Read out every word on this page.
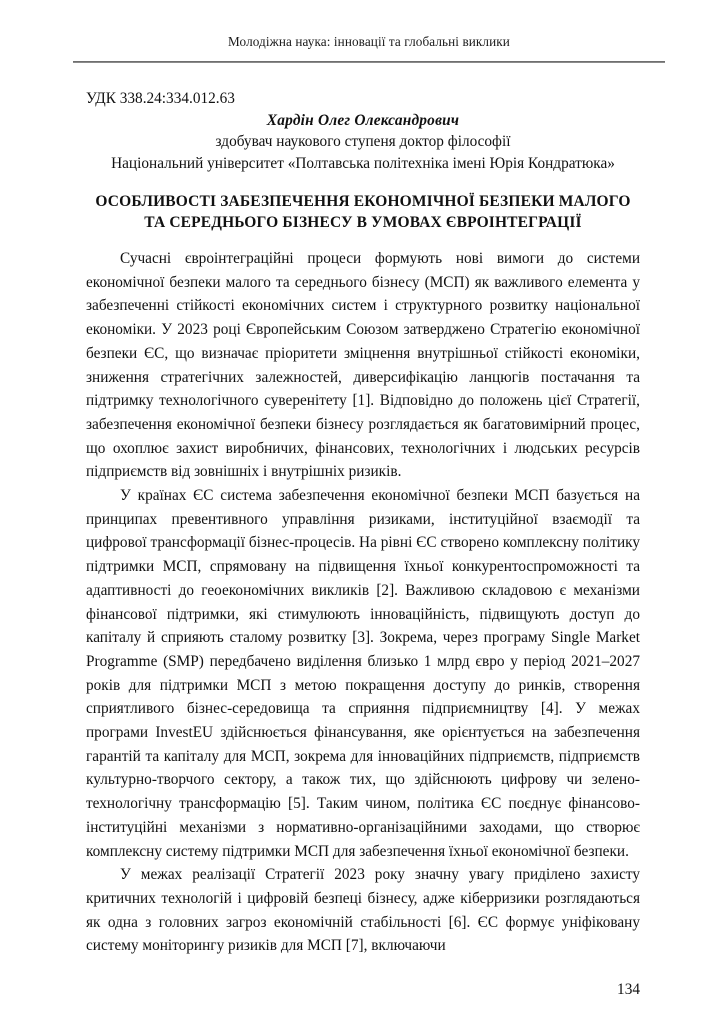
Молодіжна наука: інновації та глобальні виклики
УДК 338.24:334.012.63
Хардін Олег Олександрович
здобувач наукового ступеня доктор філософії
Національний університет «Полтавська політехніка імені Юрія Кондратюка»
ОСОБЛИВОСТІ ЗАБЕЗПЕЧЕННЯ ЕКОНОМІЧНОЇ БЕЗПЕКИ МАЛОГО ТА СЕРЕДНЬОГО БІЗНЕСУ В УМОВАХ ЄВРОІНТЕГРАЦІЇ

Сучасні євроінтеграційні процеси формують нові вимоги до системи економічної безпеки малого та середнього бізнесу (МСП) як важливого елемента у забезпеченні стійкості економічних систем і структурного розвитку національної економіки. У 2023 році Європейським Союзом затверджено Стратегію економічної безпеки ЄС, що визначає пріоритети зміцнення внутрішньої стійкості економіки, зниження стратегічних залежностей, диверсифікацію ланцюгів постачання та підтримку технологічного суверенітету [1]. Відповідно до положень цієї Стратегії, забезпечення економічної безпеки бізнесу розглядається як багатовимірний процес, що охоплює захист виробничих, фінансових, технологічних і людських ресурсів підприємств від зовнішніх і внутрішніх ризиків.

У країнах ЄС система забезпечення економічної безпеки МСП базується на принципах превентивного управління ризиками, інституційної взаємодії та цифрової трансформації бізнес-процесів. На рівні ЄС створено комплексну політику підтримки МСП, спрямовану на підвищення їхньої конкурентоспроможності та адаптивності до геоекономічних викликів [2]. Важливою складовою є механізми фінансової підтримки, які стимулюють інноваційність, підвищують доступ до капіталу й сприяють сталому розвитку [3]. Зокрема, через програму Single Market Programme (SMP) передбачено виділення близько 1 млрд євро у період 2021–2027 років для підтримки МСП з метою покращення доступу до ринків, створення сприятливого бізнес-середовища та сприяння підприємництву [4]. У межах програми InvestEU здійснюється фінансування, яке орієнтується на забезпечення гарантій та капіталу для МСП, зокрема для інноваційних підприємств, підприємств культурно-творчого сектору, а також тих, що здійснюють цифрову чи зелено-технологічну трансформацію [5]. Таким чином, політика ЄС поєднує фінансово-інституційні механізми з нормативно-організаційними заходами, що створює комплексну систему підтримки МСП для забезпечення їхньої економічної безпеки.

У межах реалізації Стратегії 2023 року значну увагу приділено захисту критичних технологій і цифровій безпеці бізнесу, адже кіберризики розглядаються як одна з головних загроз економічній стабільності [6]. ЄС формує уніфіковану систему моніторингу ризиків для МСП [7], включаючи

134
